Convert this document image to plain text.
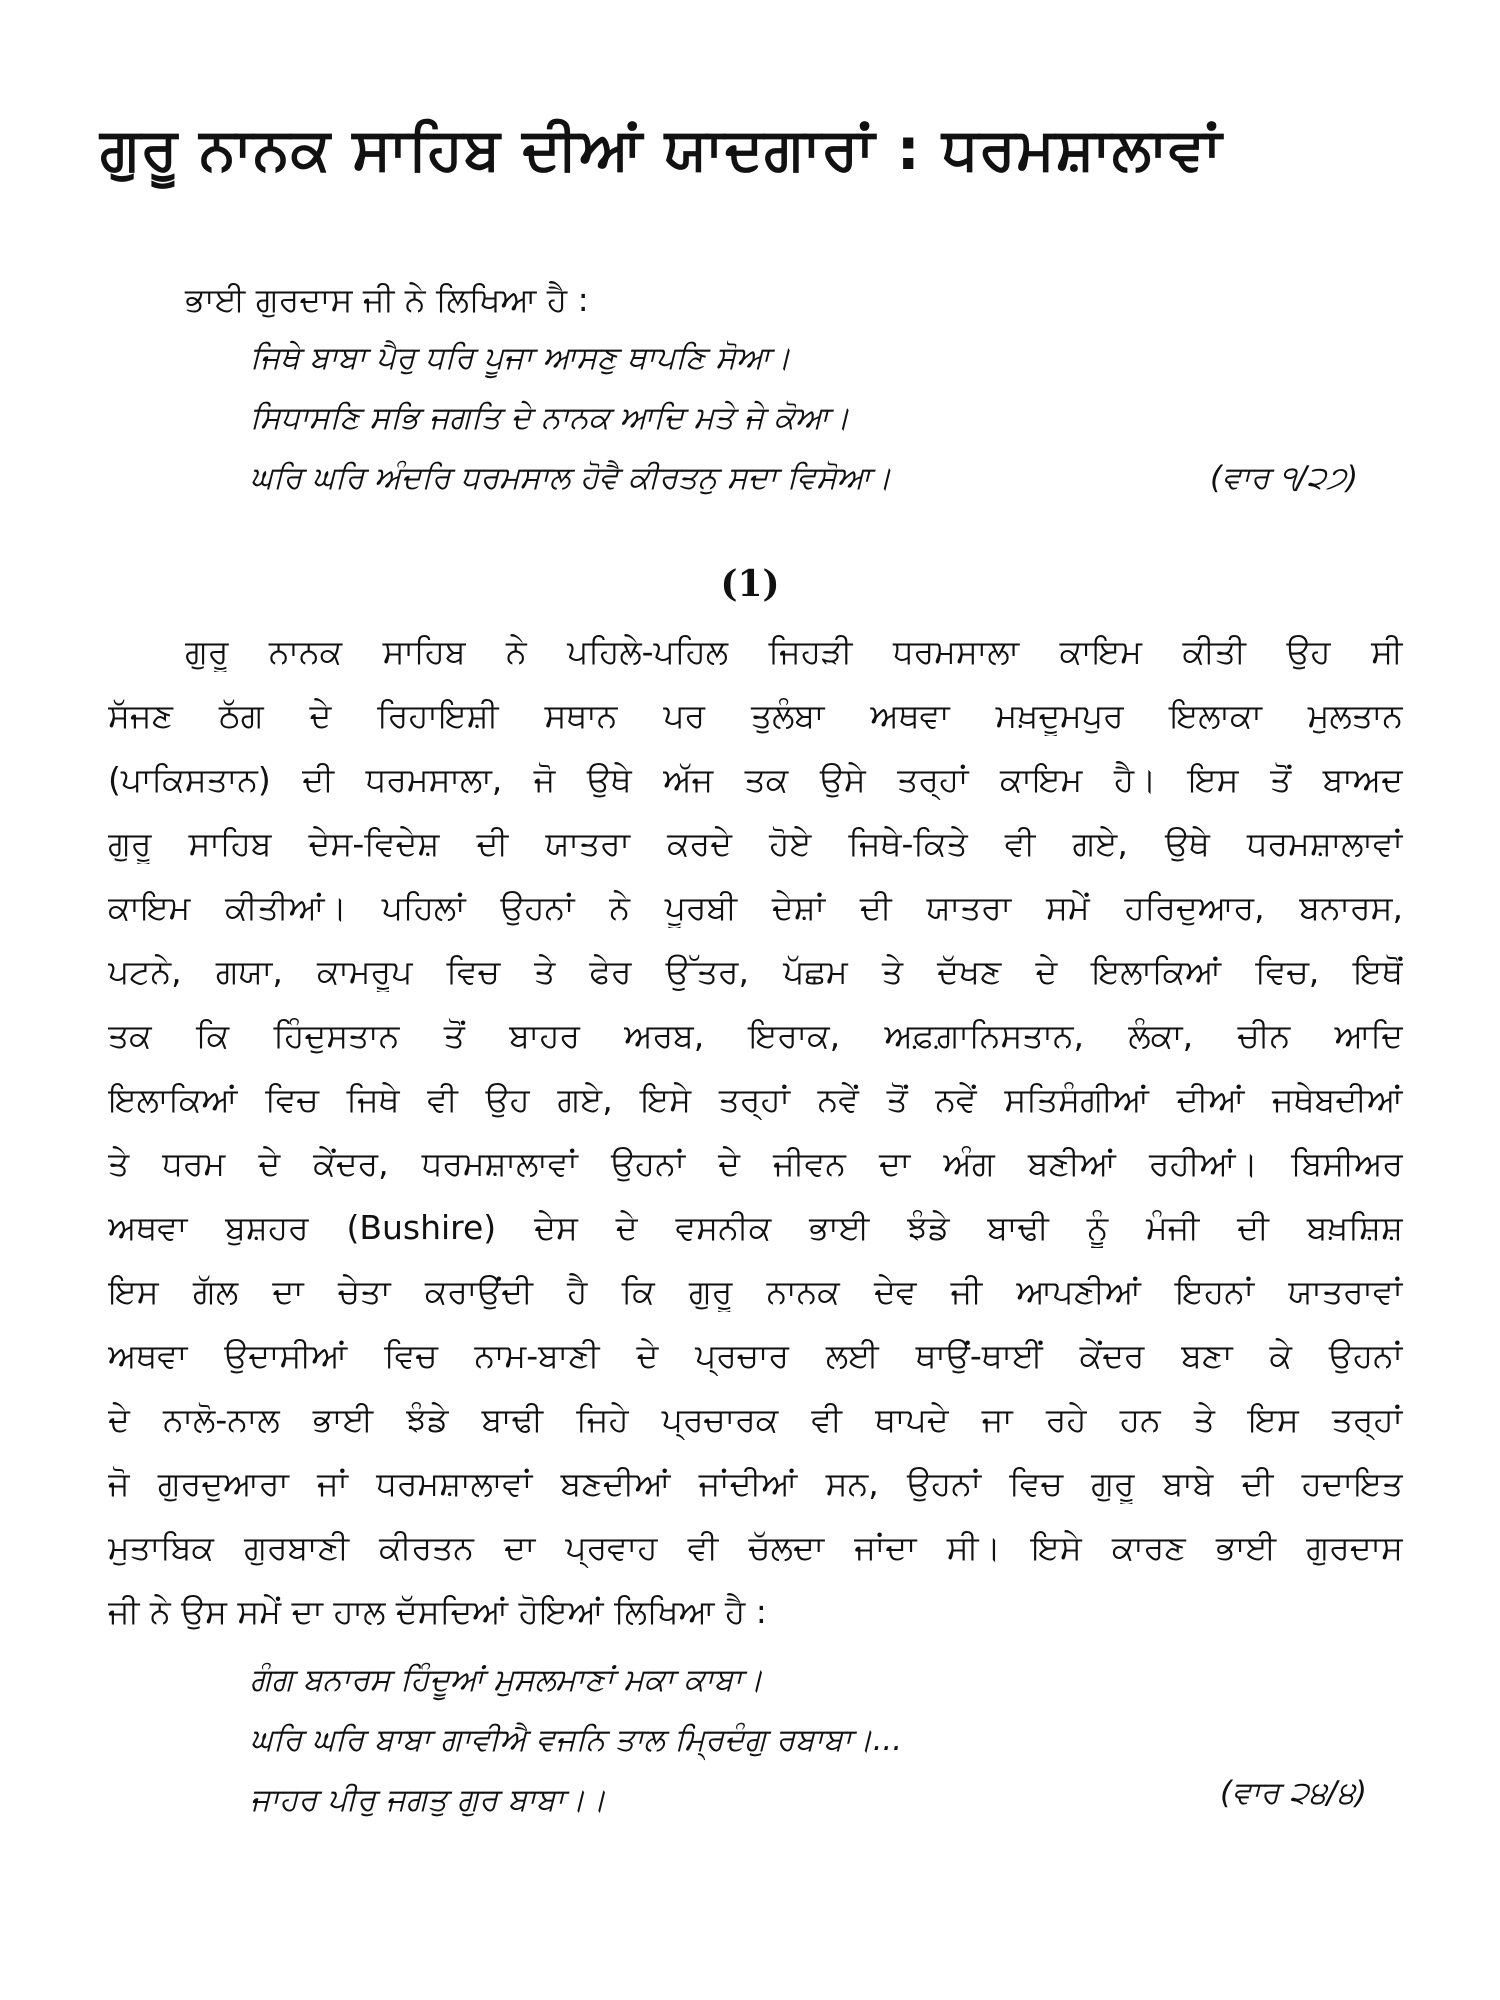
ਗੁਰੂ ਨਾਨਕ ਸਾਹਿਬ ਦੀਆਂ ਯਾਦਗਾਰਾਂ : ਧਰਮਸ਼ਾਲਾਵਾਂ
ਭਾਈ ਗੁਰਦਾਸ ਜੀ ਨੇ ਲਿਖਿਆ ਹੈ :
ਜਿਥੇ ਬਾਬਾ ਪੈਰੁ ਧਰਿ ਪੂਜਾ ਆਸਣੁ ਥਾਪਣਿ ਸੋਆ।
ਸਿਧਾਸਣਿ ਸਭਿ ਜਗਤਿ ਦੇ ਨਾਨਕ ਆਦਿ ਮਤੇ ਜੇ ਕੋਆ।
ਘਰਿ ਘਰਿ ਅੰਦਰਿ ਧਰਮਸਾਲ ਹੋਵੈ ਕੀਰਤਨੁ ਸਦਾ ਵਿਸੋਆ।	(ਵਾਰ ੧/੨੭)
(1)
ਗੁਰੂ ਨਾਨਕ ਸਾਹਿਬ ਨੇ ਪਹਿਲੇ-ਪਹਿਲ ਜਿਹੜੀ ਧਰਮਸਾਲਾ ਕਾਇਮ ਕੀਤੀ ਉਹ ਸੀ
ਸੱਜਣ ਠੱਗ ਦੇ ਰਿਹਾਇਸ਼ੀ ਸਥਾਨ ਪਰ ਤੁਲੰਬਾ ਅਥਵਾ ਮਖ਼ਦੂਮਪੁਰ ਇਲਾਕਾ ਮੁਲਤਾਨ
(ਪਾਕਿਸਤਾਨ) ਦੀ ਧਰਮਸਾਲਾ, ਜੋ ਉਥੇ ਅੱਜ ਤਕ ਉਸੇ ਤਰ੍ਹਾਂ ਕਾਇਮ ਹੈ। ਇਸ ਤੋਂ ਬਾਅਦ
ਗੁਰੂ ਸਾਹਿਬ ਦੇਸ-ਵਿਦੇਸ਼ ਦੀ ਯਾਤਰਾ ਕਰਦੇ ਹੋਏ ਜਿਥੇ-ਕਿਤੇ ਵੀ ਗਏ, ਉਥੇ ਧਰਮਸ਼ਾਲਾਵਾਂ
ਕਾਇਮ ਕੀਤੀਆਂ। ਪਹਿਲਾਂ ਉਹਨਾਂ ਨੇ ਪੂਰਬੀ ਦੇਸ਼ਾਂ ਦੀ ਯਾਤਰਾ ਸਮੇਂ ਹਰਿਦੁਆਰ, ਬਨਾਰਸ,
ਪਟਨੇ, ਗਯਾ, ਕਾਮਰੂਪ ਵਿਚ ਤੇ ਫੇਰ ਉੱਤਰ, ਪੱਛਮ ਤੇ ਦੱਖਣ ਦੇ ਇਲਾਕਿਆਂ ਵਿਚ, ਇਥੋਂ
ਤਕ ਕਿ ਹਿੰਦੁਸਤਾਨ ਤੋਂ ਬਾਹਰ ਅਰਬ, ਇਰਾਕ, ਅਫ਼ਗ਼ਾਨਿਸਤਾਨ, ਲੰਕਾ, ਚੀਨ ਆਦਿ
ਇਲਾਕਿਆਂ ਵਿਚ ਜਿਥੇ ਵੀ ਉਹ ਗਏ, ਇਸੇ ਤਰ੍ਹਾਂ ਨਵੇਂ ਤੋਂ ਨਵੇਂ ਸਤਿਸੰਗੀਆਂ ਦੀਆਂ ਜਥੇਬਦੀਆਂ
ਤੇ ਧਰਮ ਦੇ ਕੇਂਦਰ, ਧਰਮਸ਼ਾਲਾਵਾਂ ਉਹਨਾਂ ਦੇ ਜੀਵਨ ਦਾ ਅੰਗ ਬਣੀਆਂ ਰਹੀਆਂ। ਬਿਸੀਅਰ
ਅਥਵਾ ਬੁਸ਼ਹਰ (Bushire) ਦੇਸ ਦੇ ਵਸਨੀਕ ਭਾਈ ਝੰਡੇ ਬਾਢੀ ਨੂੰ ਮੰਜੀ ਦੀ ਬਖ਼ਸ਼ਿਸ਼
ਇਸ ਗੱਲ ਦਾ ਚੇਤਾ ਕਰਾਉਂਦੀ ਹੈ ਕਿ ਗੁਰੂ ਨਾਨਕ ਦੇਵ ਜੀ ਆਪਣੀਆਂ ਇਹਨਾਂ ਯਾਤਰਾਵਾਂ
ਅਥਵਾ ਉਦਾਸੀਆਂ ਵਿਚ ਨਾਮ-ਬਾਣੀ ਦੇ ਪ੍ਰਚਾਰ ਲਈ ਥਾਉਂ-ਥਾਈਂ ਕੇਂਦਰ ਬਣਾ ਕੇ ਉਹਨਾਂ
ਦੇ ਨਾਲੋ-ਨਾਲ ਭਾਈ ਝੰਡੇ ਬਾਢੀ ਜਿਹੇ ਪ੍ਰਚਾਰਕ ਵੀ ਥਾਪਦੇ ਜਾ ਰਹੇ ਹਨ ਤੇ ਇਸ ਤਰ੍ਹਾਂ
ਜੋ ਗੁਰਦੁਆਰਾ ਜਾਂ ਧਰਮਸ਼ਾਲਾਵਾਂ ਬਣਦੀਆਂ ਜਾਂਦੀਆਂ ਸਨ, ਉਹਨਾਂ ਵਿਚ ਗੁਰੂ ਬਾਬੇ ਦੀ ਹਦਾਇਤ
ਮੁਤਾਬਿਕ ਗੁਰਬਾਣੀ ਕੀਰਤਨ ਦਾ ਪ੍ਰਵਾਹ ਵੀ ਚੱਲਦਾ ਜਾਂਦਾ ਸੀ। ਇਸੇ ਕਾਰਣ ਭਾਈ ਗੁਰਦਾਸ
ਜੀ ਨੇ ਉਸ ਸਮੇਂ ਦਾ ਹਾਲ ਦੱਸਦਿਆਂ ਹੋਇਆਂ ਲਿਖਿਆ ਹੈ :
ਗੰਗ ਬਨਾਰਸ ਹਿੰਦੂਆਂ ਮੁਸਲਮਾਣਾਂ ਮਕਾ ਕਾਬਾ।
ਘਰਿ ਘਰਿ ਬਾਬਾ ਗਾਵੀਐ ਵਜਨਿ ਤਾਲ ਮ੍ਰਿਦੰਗੁ ਰਬਾਬਾ।...
ਜਾਹਰ ਪੀਰੁ ਜਗਤੁ ਗੁਰ ਬਾਬਾ।।	(ਵਾਰ ੨੪/੪)
